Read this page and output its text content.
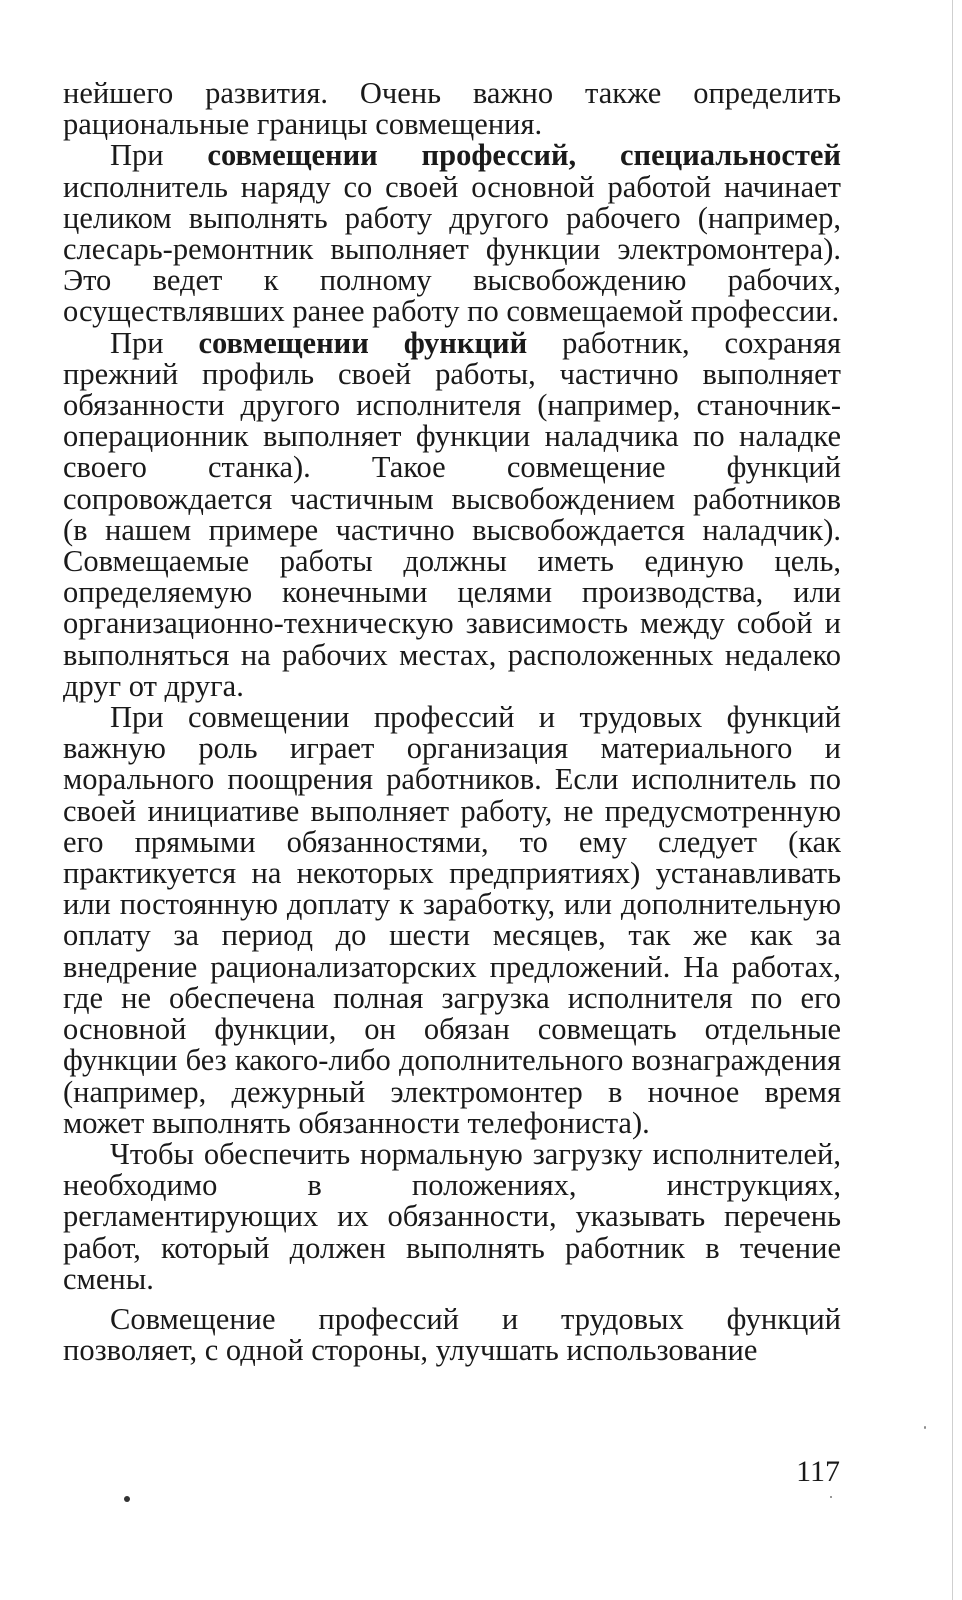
нейшего развития. Очень важно также определить рациональные границы совмещения.

При совмещении профессий, специальностей исполнитель наряду со своей основной работой начинает целиком выполнять работу другого рабочего (например, слесарь-ремонтник выполняет функции электромонтера). Это ведет к полному высвобождению рабочих, осуществлявших ранее работу по совмещаемой профессии.

При совмещении функций работник, сохраняя прежний профиль своей работы, частично выполняет обязанности другого исполнителя (например, станочник-операционник выполняет функции наладчика по наладке своего станка). Такое совмещение функций сопровождается частичным высвобождением работников (в нашем примере частично высвобождается наладчик). Совмещаемые работы должны иметь единую цель, определяемую конечными целями производства, или организационно-техническую зависимость между собой и выполняться на рабочих местах, расположенных недалеко друг от друга.

При совмещении профессий и трудовых функций важную роль играет организация материального и морального поощрения работников. Если исполнитель по своей инициативе выполняет работу, не предусмотренную его прямыми обязанностями, то ему следует (как практикуется на некоторых предприятиях) устанавливать или постоянную доплату к заработку, или дополнительную оплату за период до шести месяцев, так же как за внедрение рационализаторских предложений. На работах, где не обеспечена полная загрузка исполнителя по его основной функции, он обязан совмещать отдельные функции без какого-либо дополнительного вознаграждения (например, дежурный электромонтер в ночное время может выполнять обязанности телефониста).

Чтобы обеспечить нормальную загрузку исполнителей, необходимо в положениях, инструкциях, регламентирующих их обязанности, указывать перечень работ, который должен выполнять работник в течение смены.

Совмещение профессий и трудовых функций позволяет, с одной стороны, улучшать использование

117
